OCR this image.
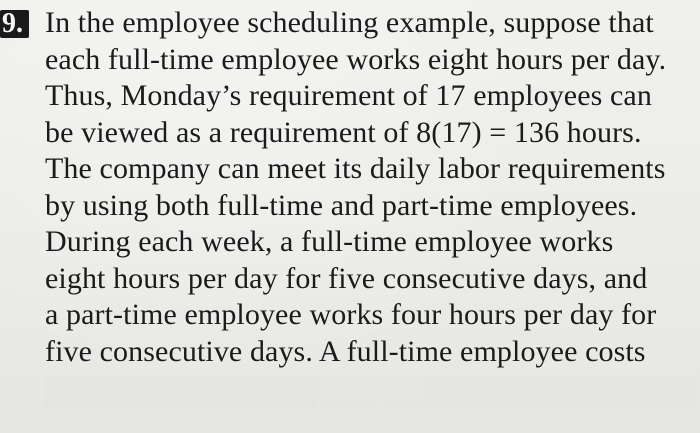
9. In the employee scheduling example, suppose that

each full-time employee works eight hours per day.

Thus, Monday’s requirement of 17 employees can

be viewed as a requirement of 8(17) = 136 hours.

The company can meet its daily labor requirements

by using both full-time and part-time employees.

During each week, a full-time employee works

eight hours per day for five consecutive days, and

a part-time employee works four hours per day for

five consecutive days. A full-time employee costs
